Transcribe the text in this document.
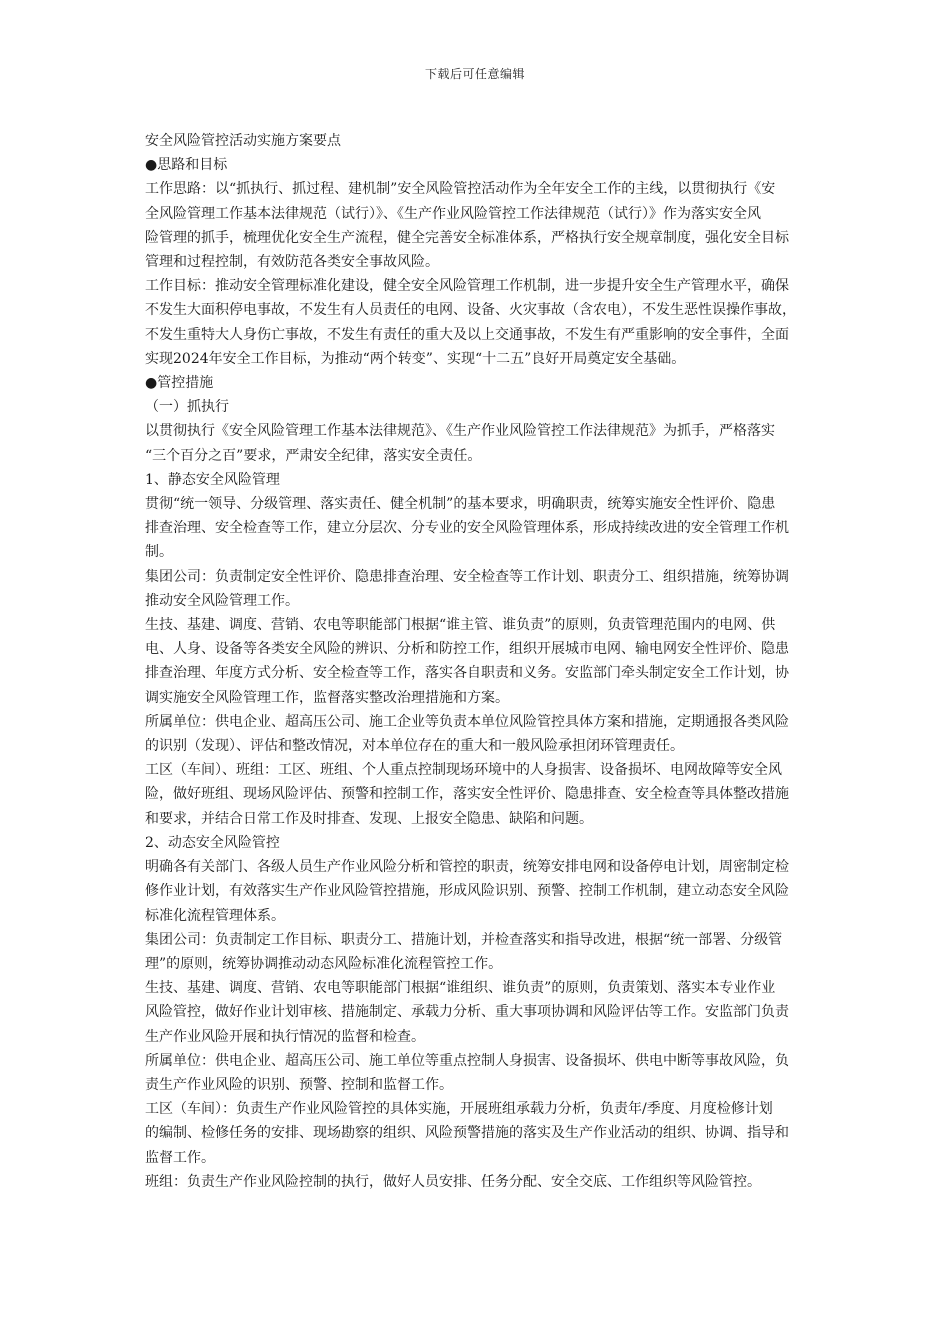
下载后可任意编辑

安全风险管控活动实施方案要点

●思路和目标

工作思路：以“抓执行、抓过程、建机制”安全风险管控活动作为全年安全工作的主线，以贯彻执行《安

全风险管理工作基本法律规范（试行）》、《生产作业风险管控工作法律规范（试行）》作为落实安全风

险管理的抓手，梳理优化安全生产流程，健全完善安全标准体系，严格执行安全规章制度，强化安全目标

管理和过程控制，有效防范各类安全事故风险。

工作目标：推动安全管理标准化建设，健全安全风险管理工作机制，进一步提升安全生产管理水平，确保

不发生大面积停电事故，不发生有人员责任的电网、设备、火灾事故（含农电），不发生恶性误操作事故，

不发生重特大人身伤亡事故，不发生有责任的重大及以上交通事故，不发生有严重影响的安全事件，全面

实现2024年安全工作目标，为推动“两个转变”、实现“十二五”良好开局奠定安全基础。

●管控措施

（一）抓执行

以贯彻执行《安全风险管理工作基本法律规范》、《生产作业风险管控工作法律规范》为抓手，严格落实

“三个百分之百”要求，严肃安全纪律，落实安全责任。

1、静态安全风险管理

贯彻“统一领导、分级管理、落实责任、健全机制”的基本要求，明确职责，统筹实施安全性评价、隐患

排查治理、安全检查等工作，建立分层次、分专业的安全风险管理体系，形成持续改进的安全管理工作机

制。

集团公司：负责制定安全性评价、隐患排查治理、安全检查等工作计划、职责分工、组织措施，统筹协调

推动安全风险管理工作。

生技、基建、调度、营销、农电等职能部门根据“谁主管、谁负责”的原则，负责管理范围内的电网、供

电、人身、设备等各类安全风险的辨识、分析和防控工作，组织开展城市电网、输电网安全性评价、隐患

排查治理、年度方式分析、安全检查等工作，落实各自职责和义务。安监部门牵头制定安全工作计划，协

调实施安全风险管理工作，监督落实整改治理措施和方案。

所属单位：供电企业、超高压公司、施工企业等负责本单位风险管控具体方案和措施，定期通报各类风险

的识别（发现）、评估和整改情况，对本单位存在的重大和一般风险承担闭环管理责任。

工区（车间）、班组：工区、班组、个人重点控制现场环境中的人身损害、设备损坏、电网故障等安全风

险，做好班组、现场风险评估、预警和控制工作，落实安全性评价、隐患排查、安全检查等具体整改措施

和要求，并结合日常工作及时排查、发现、上报安全隐患、缺陷和问题。

2、动态安全风险管控

明确各有关部门、各级人员生产作业风险分析和管控的职责，统筹安排电网和设备停电计划，周密制定检

修作业计划，有效落实生产作业风险管控措施，形成风险识别、预警、控制工作机制，建立动态安全风险

标准化流程管理体系。

集团公司：负责制定工作目标、职责分工、措施计划，并检查落实和指导改进，根据“统一部署、分级管

理”的原则，统筹协调推动动态风险标准化流程管控工作。

生技、基建、调度、营销、农电等职能部门根据“谁组织、谁负责”的原则，负责策划、落实本专业作业

风险管控，做好作业计划审核、措施制定、承载力分析、重大事项协调和风险评估等工作。安监部门负责

生产作业风险开展和执行情况的监督和检查。

所属单位：供电企业、超高压公司、施工单位等重点控制人身损害、设备损坏、供电中断等事故风险，负

责生产作业风险的识别、预警、控制和监督工作。

工区（车间）：负责生产作业风险管控的具体实施，开展班组承载力分析，负责年/季度、月度检修计划

的编制、检修任务的安排、现场勘察的组织、风险预警措施的落实及生产作业活动的组织、协调、指导和

监督工作。

班组：负责生产作业风险控制的执行，做好人员安排、任务分配、安全交底、工作组织等风险管控。
